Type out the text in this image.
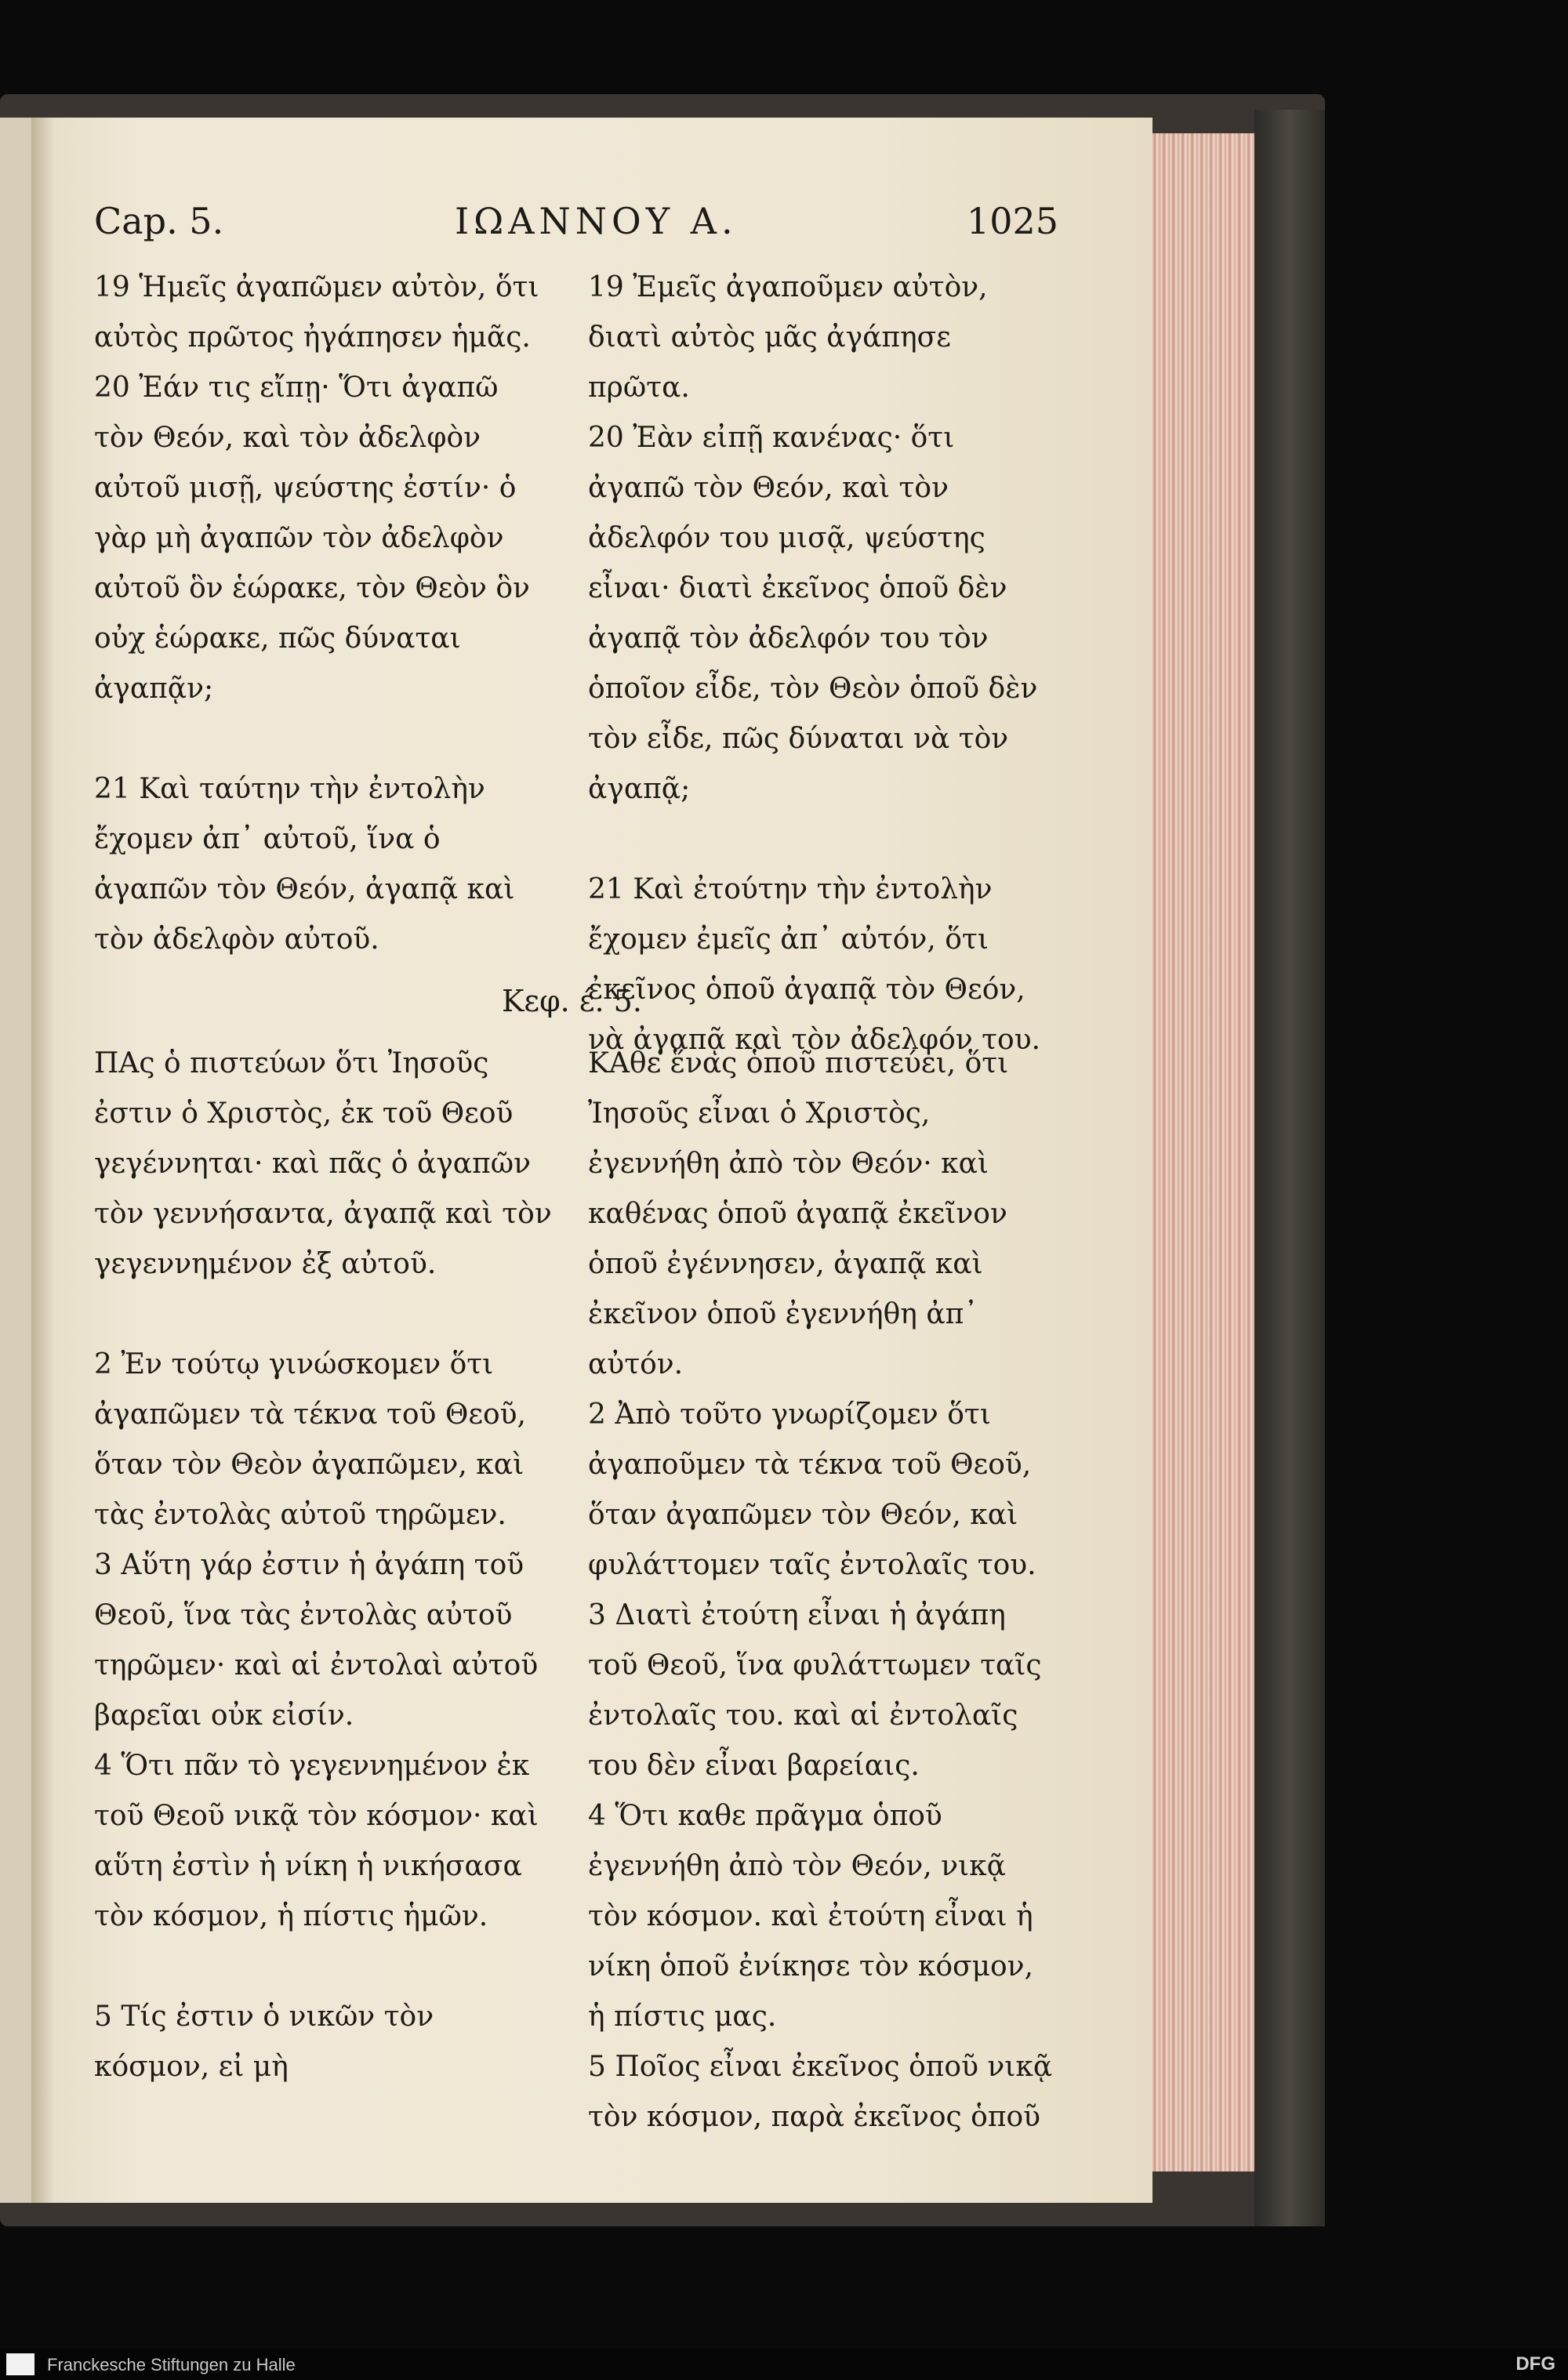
Cap. 5.	ΙΩΑΝΝΟΥ Α.	1025

19 Ἡμεῖς ἀγαπῶμεν αὐτὸν, ὅτι αὐτὸς πρῶτος ἠγάπησεν ἡμᾶς.

20 Ἐάν τις εἴπῃ· Ὅτι ἀγαπῶ τὸν Θεόν, καὶ τὸν ἀδελφὸν αὐτοῦ μισῇ, ψεύστης ἐστίν· ὁ γὰρ μὴ ἀγαπῶν τὸν ἀδελφὸν αὐτοῦ ὃν ἑώρακε, τὸν Θεὸν ὃν οὐχ ἑώρακε, πῶς δύναται ἀγαπᾷν;

21 Καὶ ταύτην τὴν ἐντολὴν ἔχομεν ἀπ᾽ αὐτοῦ, ἵνα ὁ ἀγαπῶν τὸν Θεόν, ἀγαπᾷ καὶ τὸν ἀδελφὸν αὐτοῦ.

19 Ἐμεῖς ἀγαποῦμεν αὐτὸν, διατὶ αὐτὸς μᾶς ἀγάπησε πρῶτα.

20 Ἐὰν εἰπῇ κανένας· ὅτι ἀγαπῶ τὸν Θεόν, καὶ τὸν ἀδελφόν του μισᾷ, ψεύστης εἶναι· διατὶ ἐκεῖνος ὁποῦ δὲν ἀγαπᾷ τὸν ἀδελφόν του τὸν ὁποῖον εἶδε, τὸν Θεὸν ὁποῦ δὲν τὸν εἶδε, πῶς δύναται νὰ τὸν ἀγαπᾷ;

21 Καὶ ἐτούτην τὴν ἐντολὴν ἔχομεν ἐμεῖς ἀπ᾽ αὐτόν, ὅτι ἐκεῖνος ὁποῦ ἀγαπᾷ τὸν Θεόν, νὰ ἀγαπᾷ καὶ τὸν ἀδελφόν του.

Κεφ. έ. 5.

ΠΑς ὁ πιστεύων ὅτι Ἰησοῦς ἐστιν ὁ Χριστὸς, ἐκ τοῦ Θεοῦ γεγέννηται· καὶ πᾶς ὁ ἀγαπῶν τὸν γεννήσαντα, ἀγαπᾷ καὶ τὸν γεγεννημένον ἐξ αὐτοῦ.

2 Ἐν τούτῳ γινώσκομεν ὅτι ἀγαπῶμεν τὰ τέκνα τοῦ Θεοῦ, ὅταν τὸν Θεὸν ἀγαπῶμεν, καὶ τὰς ἐντολὰς αὐτοῦ τηρῶμεν.

3 Αὕτη γάρ ἐστιν ἡ ἀγάπη τοῦ Θεοῦ, ἵνα τὰς ἐντολὰς αὐτοῦ τηρῶμεν· καὶ αἱ ἐντολαὶ αὐτοῦ βαρεῖαι οὐκ εἰσίν.

4 Ὅτι πᾶν τὸ γεγεννημένον ἐκ τοῦ Θεοῦ νικᾷ τὸν κόσμον· καὶ αὕτη ἐστὶν ἡ νίκη ἡ νικήσασα τὸν κόσμον, ἡ πίστις ἡμῶν.

5 Τίς ἐστιν ὁ νικῶν τὸν κόσμον, εἰ μὴ

ΚΑθε ἕνας ὁποῦ πιστεύει, ὅτι Ἰησοῦς εἶναι ὁ Χριστὸς, ἐγεννήθη ἀπὸ τὸν Θεόν· καὶ καθένας ὁποῦ ἀγαπᾷ ἐκεῖνον ὁποῦ ἐγέννησεν, ἀγαπᾷ καὶ ἐκεῖνον ὁποῦ ἐγεννήθη ἀπ᾽ αὐτόν.

2 Ἀπὸ τοῦτο γνωρίζομεν ὅτι ἀγαποῦμεν τὰ τέκνα τοῦ Θεοῦ, ὅταν ἀγαπῶμεν τὸν Θεόν, καὶ φυλάττομεν ταῖς ἐντολαῖς του.

3 Διατὶ ἐτούτη εἶναι ἡ ἀγάπη τοῦ Θεοῦ, ἵνα φυλάττωμεν ταῖς ἐντολαῖς του. καὶ αἱ ἐντολαῖς του δὲν εἶναι βαρείαις.

4 Ὅτι καθε πρᾶγμα ὁποῦ ἐγεννήθη ἀπὸ τὸν Θεόν, νικᾷ τὸν κόσμον. καὶ ἐτούτη εἶναι ἡ νίκη ὁποῦ ἐνίκησε τὸν κόσμον, ἡ πίστις μας.

5 Ποῖος εἶναι ἐκεῖνος ὁποῦ νικᾷ τὸν κόσμον, παρὰ ἐκεῖνος ὁποῦ

Franckesche Stiftungen zu Halle	DFG
